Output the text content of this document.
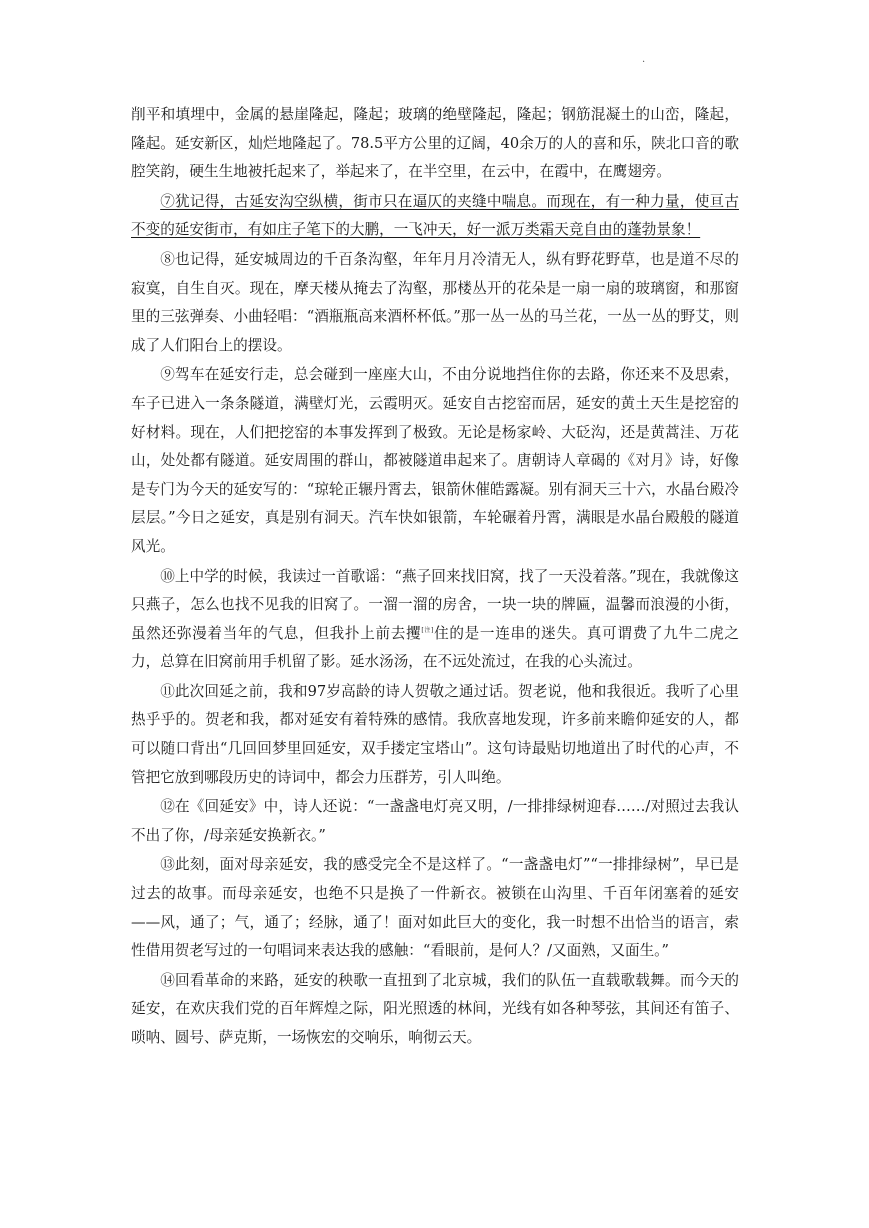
.

削平和填埋中，金属的悬崖隆起，隆起；玻璃的绝壁隆起，隆起；钢筋混凝土的山峦，隆起，隆起。延安新区，灿烂地隆起了。78.5平方公里的辽阔，40余万的人的喜和乐，陕北口音的歌腔笑韵，硬生生地被托起来了，举起来了，在半空里，在云中，在霞中，在鹰翅旁。

⑦犹记得，古延安沟空纵横，街市只在逼仄的夹缝中喘息。而现在，有一种力量，使亘古不变的延安街市，有如庄子笔下的大鹏，一飞冲天，好一派万类霜天竞自由的蓬勃景象！

⑧也记得，延安城周边的千百条沟壑，年年月月冷清无人，纵有野花野草，也是道不尽的寂寞，自生自灭。现在，摩天楼从掩去了沟壑，那楼丛开的花朵是一扇一扇的玻璃窗，和那窗里的三弦弹奏、小曲轻唱：“酒瓶瓶高来酒杯杯低。”那一丛一丛的马兰花，一丛一丛的野艾，则成了人们阳台上的摆设。

⑨驾车在延安行走，总会碰到一座座大山，不由分说地挡住你的去路，你还来不及思索，车子已进入一条条隧道，满壁灯光，云霞明灭。延安自古挖窑而居，延安的黄土天生是挖窑的好材料。现在，人们把挖窑的本事发挥到了极致。无论是杨家岭、大砭沟，还是黄蒿洼、万花山，处处都有隧道。延安周围的群山，都被隧道串起来了。唐朝诗人章碣的《对月》诗，好像是专门为今天的延安写的：“琼轮正辗丹霄去，银箭休催皓露凝。别有洞天三十六，水晶台殿冷层层。”今日之延安，真是别有洞天。汽车快如银箭，车轮碾着丹霄，满眼是水晶台殿般的隧道风光。

⑩上中学的时候，我读过一首歌谣：“燕子回来找旧窝，找了一天没着落。”现在，我就像这只燕子，怎么也找不见我的旧窝了。一溜一溜的房舍，一块一块的牌匾，温馨而浪漫的小街，虽然还弥漫着当年的气息，但我扑上前去攫[注]住的是一连串的迷失。真可谓费了九牛二虎之力，总算在旧窝前用手机留了影。延水汤汤，在不远处流过，在我的心头流过。

⑪此次回延之前，我和97岁高龄的诗人贺敬之通过话。贺老说，他和我很近。我听了心里热乎乎的。贺老和我，都对延安有着特殊的感情。我欣喜地发现，许多前来瞻仰延安的人，都可以随口背出“几回回梦里回延安，双手搂定宝塔山”。这句诗最贴切地道出了时代的心声，不管把它放到哪段历史的诗词中，都会力压群芳，引人叫绝。

⑫在《回延安》中，诗人还说：“一盏盏电灯亮又明，/一排排绿树迎春……/对照过去我认不出了你，/母亲延安换新衣。”

⑬此刻，面对母亲延安，我的感受完全不是这样了。“一盏盏电灯”“一排排绿树”，早已是过去的故事。而母亲延安，也绝不只是换了一件新衣。被锁在山沟里、千百年闭塞着的延安——风，通了；气，通了；经脉，通了！面对如此巨大的变化，我一时想不出恰当的语言，索性借用贺老写过的一句唱词来表达我的感触：“看眼前，是何人？/又面熟，又面生。”

⑭回看革命的来路，延安的秧歌一直扭到了北京城，我们的队伍一直载歌载舞。而今天的延安，在欢庆我们党的百年辉煌之际，阳光照透的林间，光线有如各种琴弦，其间还有笛子、唢呐、圆号、萨克斯，一场恢宏的交响乐，响彻云天。
